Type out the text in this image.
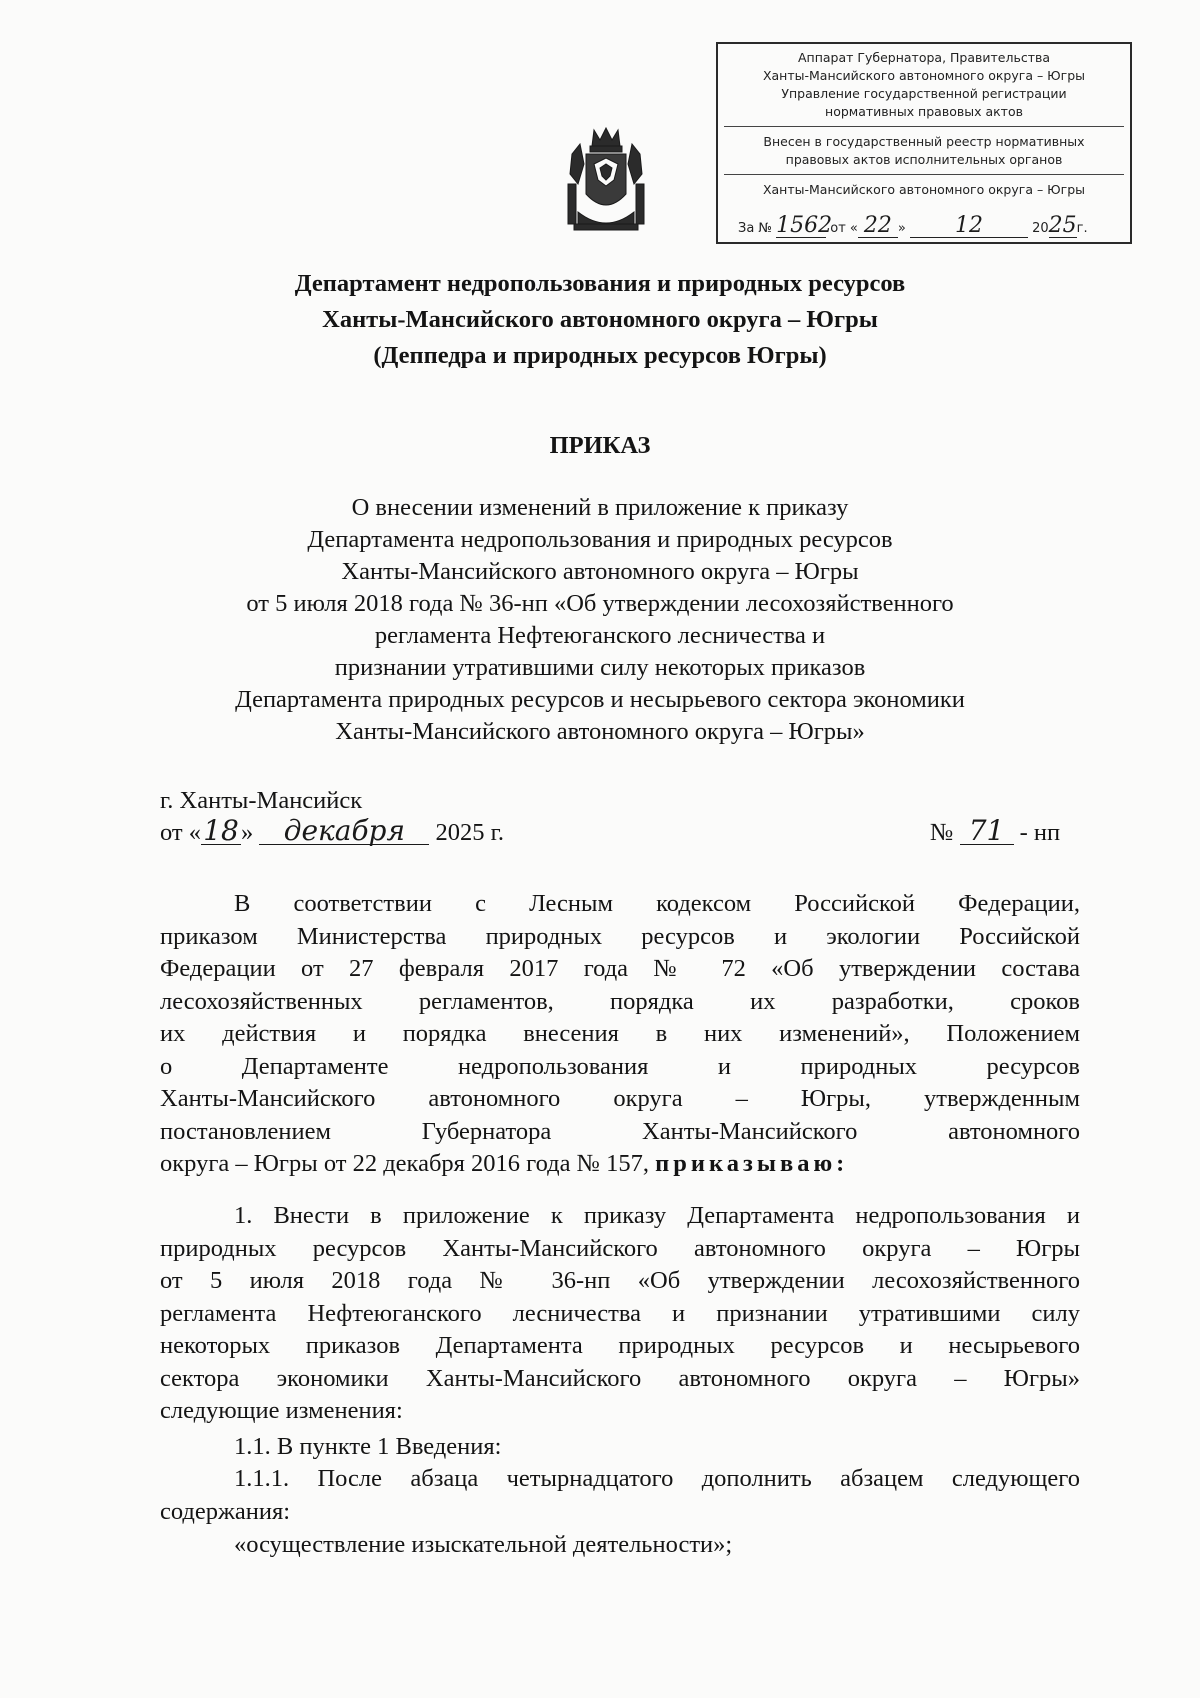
Аппарат Губернатора, Правительства
Ханты-Мансийского автономного округа – Югры
Управление государственной регистрации
нормативных правовых актов
Внесен в государственный реестр нормативных
правовых актов исполнительных органов
Ханты-Мансийского автономного округа – Югры
За № 1562 от « 22 » 12	2025г.
Департамент недропользования и природных ресурсов
Ханты-Мансийского автономного округа – Югры
(Деппедра и природных ресурсов Югры)
ПРИКАЗ
О внесении изменений в приложение к приказу
Департамента недропользования и природных ресурсов
Ханты-Мансийского автономного округа – Югры
от 5 июля 2018 года № 36-нп «Об утверждении лесохозяйственного
регламента Нефтеюганского лесничества и
признании утратившими силу некоторых приказов
Департамента природных ресурсов и несырьевого сектора экономики
Ханты-Мансийского автономного округа – Югры»
г. Ханты-Мансийск
от «18» декабря 2025 г.	№ 71 - нп
В соответствии с Лесным кодексом Российской Федерации,
приказом Министерства природных ресурсов и экологии Российской
Федерации от 27 февраля 2017 года № 72 «Об утверждении состава
лесохозяйственных регламентов, порядка их разработки, сроков
их действия и порядка внесения в них изменений», Положением
о Департаменте недропользования и природных ресурсов
Ханты-Мансийского автономного округа – Югры, утвержденным
постановлением Губернатора Ханты-Мансийского автономного
округа – Югры от 22 декабря 2016 года № 157, приказываю:
1. Внести в приложение к приказу Департамента недропользования и
природных ресурсов Ханты-Мансийского автономного округа – Югры
от 5 июля 2018 года № 36-нп «Об утверждении лесохозяйственного
регламента Нефтеюганского лесничества и признании утратившими силу
некоторых приказов Департамента природных ресурсов и несырьевого
сектора экономики Ханты-Мансийского автономного округа – Югры»
следующие изменения:
1.1. В пункте 1 Введения:
1.1.1. После абзаца четырнадцатого дополнить абзацем следующего
содержания:
«осуществление изыскательной деятельности»;
